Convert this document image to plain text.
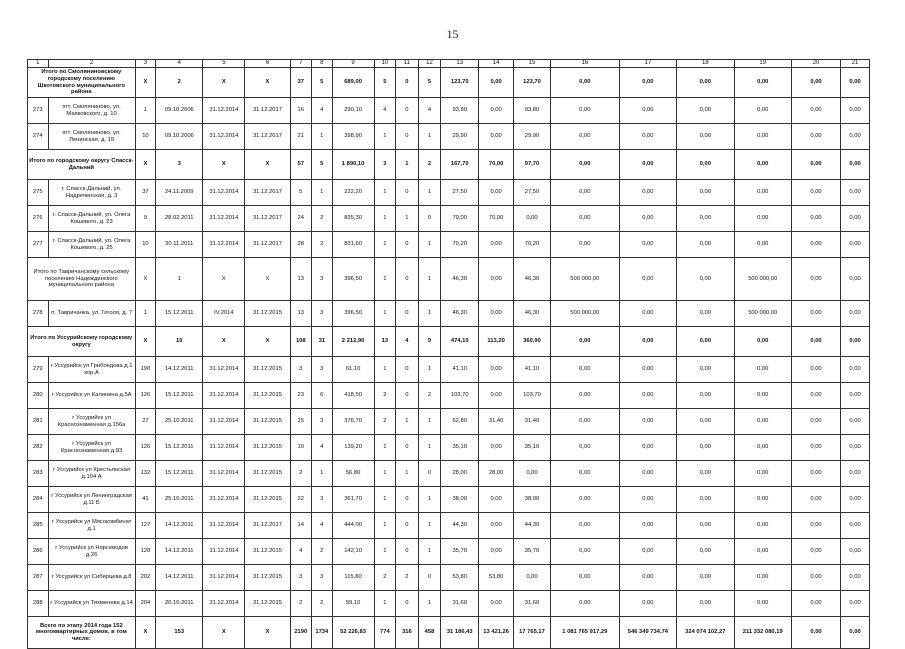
15
1	2	3	4	5	6	7	8	9	10	11	12	13	14	15	16	17	18	19	20	21
Итого по Смоляниновскому городскому поселению Шкотовского муниципального района		X	2	X	X	37	5	689,00	5	0	5	123,70	0,00	123,70	0,00	0,00	0,00	0,00	0,00	0,00
273	пгт. Смоляниново, ул. Маяковского, д. 10	1	09.10.2006	31.12.2014	31.12.2017	16	4	290,10	4	0	4	93,80	0,00	93,80	0,00	0,00	0,00	0,00	0,00	0,00
274	пгт. Смоляниново, ул. Ленинская, д. 19	10	09.10.2006	31.12.2014	31.12.2017	21	1	398,90	1	0	1	29,90	0,00	29,90	0,00	0,00	0,00	0,00	0,00	0,00
Итого по городскому округу Спасск-Дальний		X	3	X	X	57	5	1 890,10	3	1	2	167,70	70,00	97,70	0,00	0,00	0,00	0,00	0,00	0,00
275	г. Спасск-Дальний, ул. Надреченская, д. 3	37	24.11.2009	31.12.2014	31.12.2017	5	1	222,20	1	0	1	27,50	0,00	27,50	0,00	0,00	0,00	0,00	0,00	0,00
276	г. Спасск-Дальний, ул. Олега Кошевого, д. 23	9	28.02.2011	31.12.2014	31.12.2017	24	2	835,30	1	1	0	70,00	70,00	0,00	0,00	0,00	0,00	0,00	0,00	0,00
277	г. Спасск-Дальний, ул. Олега Кошевого, д. 25	10	30.11.2011	31.12.2014	31.12.2017	28	2	831,60	1	0	1	70,20	0,00	70,20	0,00	0,00	0,00	0,00	0,00	0,00
Итого по Тавричанскому сельскому поселению Надеждинского муниципального района		X	1	X	X	13	3	396,50	1	0	1	46,30	0,00	46,30	500 000,00	0,00	0,00	500 000,00	0,00	0,00
278	п. Тавричанка, ул. Гоголя, д. 7	1	15.12.2011	IV.2014	31.12.2015	13	3	396,50	1	0	1	46,30	0,00	46,30	500 000,00	0,00	0,00	500 000,00	0,00	0,00
Итого по Уссурийскому городскому округу		X	10	X	X	108	31	2 212,90	13	4	9	474,10	113,20	360,90	0,00	0,00	0,00	0,00	0,00	0,00
279	г Уссурийск ул Грибоедова д.1 кор.А	190	14.12.2011	31.12.2014	31.12.2015	3	3	61,10	1	0	1	41,10	0,00	41,10	0,00	0,00	0,00	0,00	0,00	0,00
280	г Уссурийск ул Калинина д.5А	126	15.12.2011	31.12.2014	31.12.2015	23	6	418,50	2	0	2	103,70	0,00	103,70	0,00	0,00	0,00	0,00	0,00	0,00
281	г Уссурийск ул Краснознаменная д.156а	27	25.10.2011	31.12.2014	31.12.2015	25	3	376,70	2	1	1	62,80	31,40	31,40	0,00	0,00	0,00	0,00	0,00	0,00
282	г Уссурийск ул Краснознаменная д.93	126	15.12.2011	31.12.2014	31.12.2015	10	4	139,20	1	0	1	35,10	0,00	35,10	0,00	0,00	0,00	0,00	0,00	0,00
283	г Уссурийск ул Крестьянская д.104 А	132	15.12.2011	31.12.2014	31.12.2015	2	1	56,80	1	1	0	28,00	28,00	0,00	0,00	0,00	0,00	0,00	0,00	0,00
284	г Уссурийск ул Ленинградская д.11 Б	41	25.10.2011	31.12.2014	31.12.2015	22	3	361,70	1	0	1	38,00	0,00	38,00	0,00	0,00	0,00	0,00	0,00	0,00
285	г Уссурийск ул Мясокомбинат д.1	127	14.12.2011	31.12.2014	31.12.2017	14	4	444,00	1	0	1	44,30	0,00	44,30	0,00	0,00	0,00	0,00	0,00	0,00
286	г Уссурийск ул Норсеводов д.26	128	14.12.2011	31.12.2014	31.12.2015	4	2	142,10	1	0	1	35,70	0,00	35,70	0,00	0,00	0,00	0,00	0,00	0,00
287	г Уссурийск ул Сибирцева д.8	202	14.12.2011	31.12.2014	31.12.2015	3	3	115,80	2	2	0	53,80	53,80	0,00	0,00	0,00	0,00	0,00	0,00	0,00
288	г Уссурийск ул Тихменева д.14	204	20.10.2011	31.12.2014	31.12.2015	2	2	59,10	1	0	1	31,60	0,00	31,60	0,00	0,00	0,00	0,00	0,00	0,00
Всего по этапу 2014 года 152 многоквартирных домов, в том числе:		X	153	X	X	2190	1734	52 226,83	774	316	458	31 186,43	13 421,26	17 765,17	1 081 765 917,29	546 349 734,74	324 074 102,27	211 332 080,19	0,00	0,00
